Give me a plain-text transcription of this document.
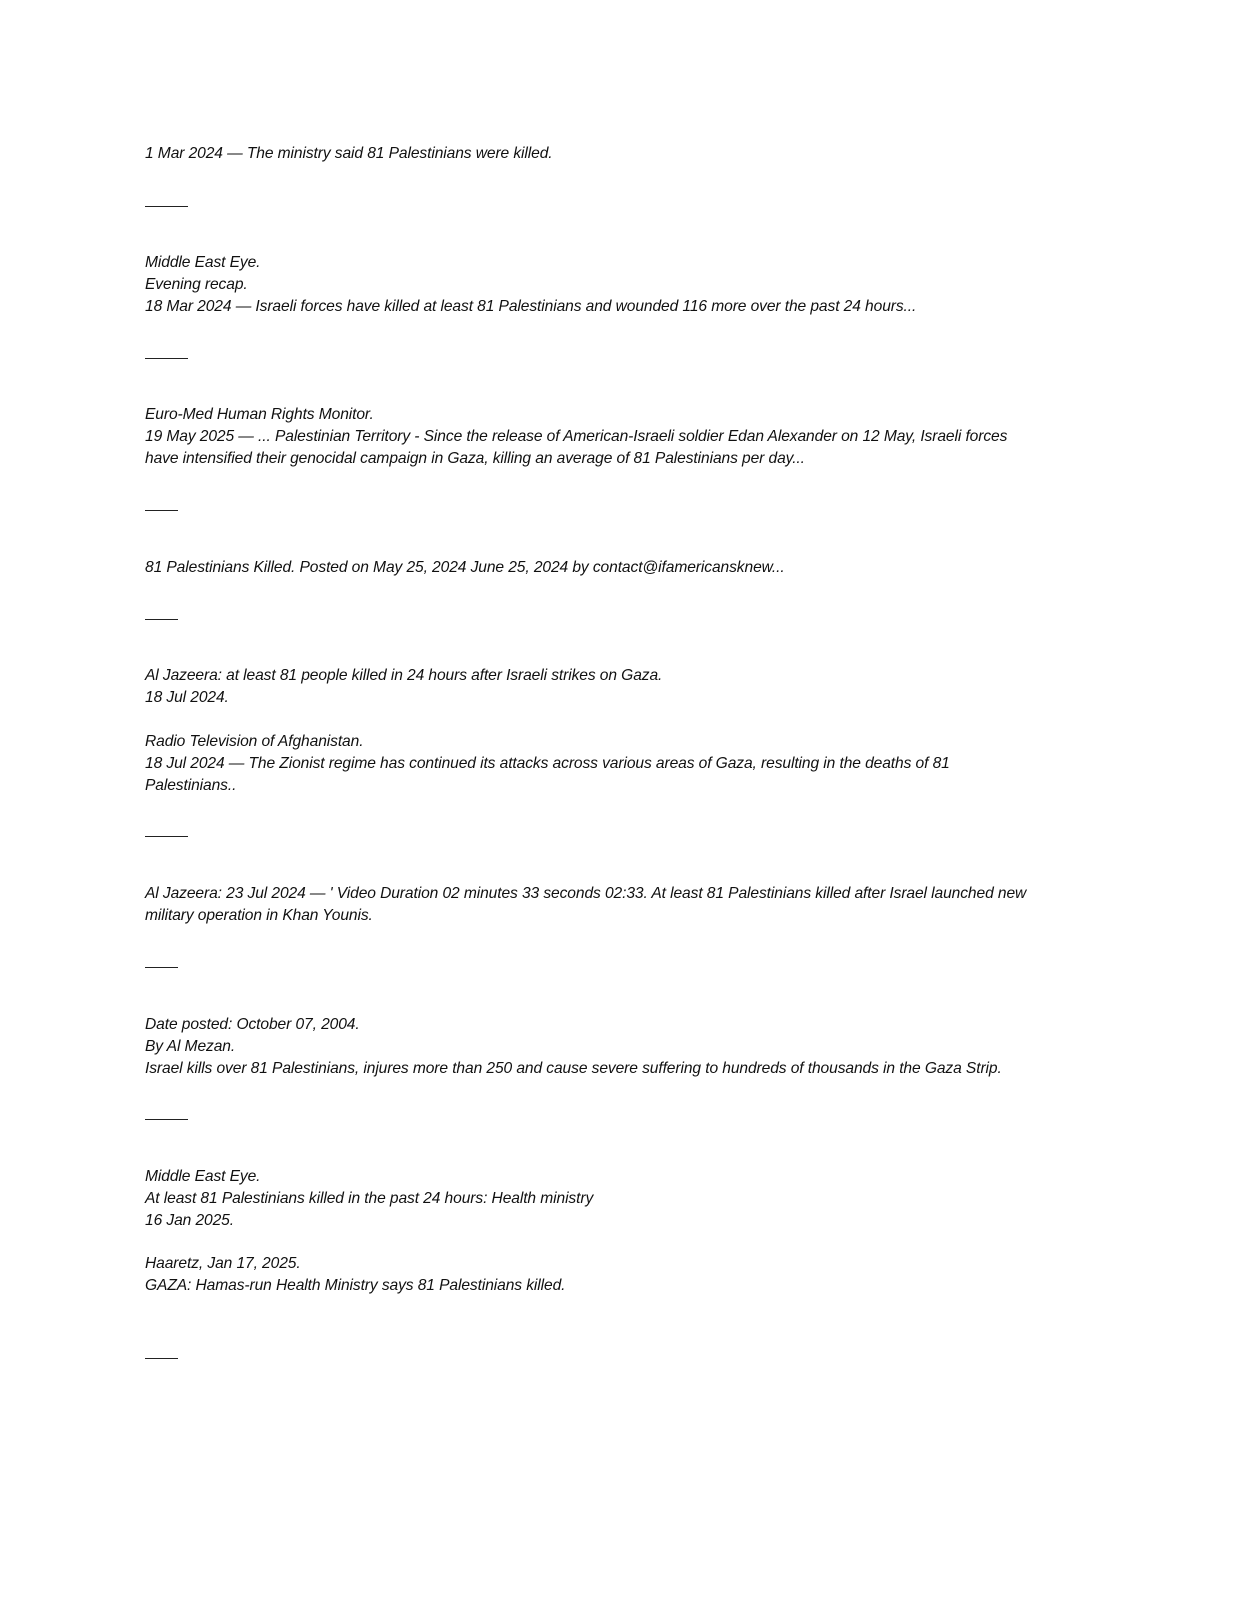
1 Mar 2024 — The ministry said 81 Palestinians were killed.
Middle East Eye.
Evening recap.
18 Mar 2024 — Israeli forces have killed at least 81 Palestinians and wounded 116 more over the past 24 hours...
Euro-Med Human Rights Monitor.
19 May 2025 — ... Palestinian Territory - Since the release of American-Israeli soldier Edan Alexander on 12 May, Israeli forces
have intensified their genocidal campaign in Gaza, killing an average of 81 Palestinians per day...
81 Palestinians Killed. Posted on May 25, 2024 June 25, 2024 by contact@ifamericansknew...
Al Jazeera: at least 81 people killed in 24 hours after Israeli strikes on Gaza.
18 Jul 2024.
Radio Television of Afghanistan.
18 Jul 2024 — The Zionist regime has continued its attacks across various areas of Gaza, resulting in the deaths of 81
Palestinians..
Al Jazeera: 23 Jul 2024 — ' Video Duration 02 minutes 33 seconds 02:33. At least 81 Palestinians killed after Israel launched new
military operation in Khan Younis.
Date posted: October 07, 2004.
By Al Mezan.
Israel kills over 81 Palestinians, injures more than 250 and cause severe suffering to hundreds of thousands in the Gaza Strip.
Middle East Eye.
At least 81 Palestinians killed in the past 24 hours: Health ministry
16 Jan 2025.
Haaretz, Jan 17, 2025.
GAZA: Hamas-run Health Ministry says 81 Palestinians killed.
